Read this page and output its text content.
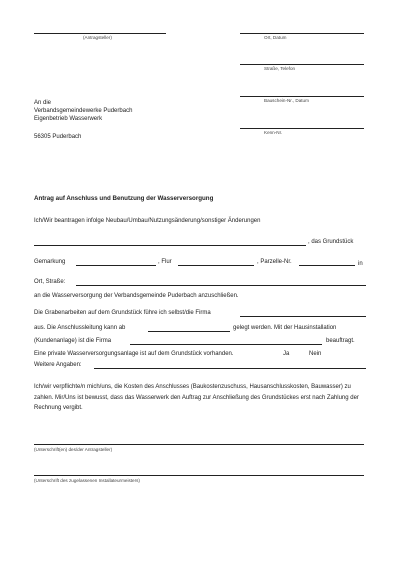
(Antragsteller)	Ort, Datum
Straße, Telefon
Bauschein-Nr., Datum
Kenn-Nr.
An die
Verbandsgemeindewerke Puderbach
Eigenbetrieb Wasserwerk
56305 Puderbach
Antrag auf Anschluss und Benutzung der Wasserversorgung
Ich/Wir beantragen infolge Neubau/Umbau/Nutzungsänderung/sonstiger Änderungen
, das Grundstück
Gemarkung	, Flur	, Parzelle-Nr.	in
Ort, Straße:
an die Wasserversorgung der Verbandsgemeinde Puderbach anzuschließen.
Die Grabenarbeiten auf dem Grundstück führe ich selbst/die Firma
aus. Die Anschlussleitung kann ab	gelegt werden. Mit der Hausinstallation
(Kundenanlage) ist die Firma	beauftragt.
Eine private Wasserversorgungsanlage ist auf dem Grundstück vorhanden.	Ja	Nein
Weitere Angaben:
Ich/wir verpflichte/n mich/uns, die Kosten des Anschlusses (Baukostenzuschuss, Hausanschlusskosten, Bauwasser) zu zahlen. Mir/Uns ist bewusst, dass das Wasserwerk den Auftrag zur Anschließung des Grundstückes erst nach Zahlung der Rechnung vergibt.
(Unterschrift(en) des/der Antragsteller)
(Unterschrift des zugelassenen Installateurmeisters)
